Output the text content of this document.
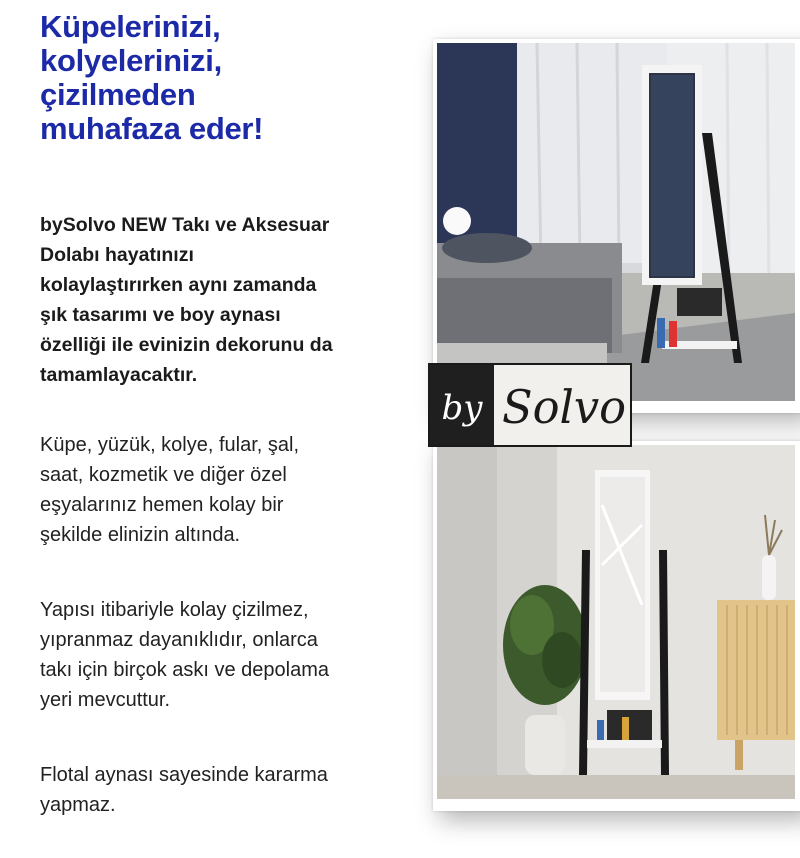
Küpelerinizi,
kolyelerinizi,
çizilmeden
muhafaza eder!
bySolvo NEW Takı ve Aksesuar
Dolabı hayatınızı
kolaylaştırırken aynı zamanda
şık tasarımı ve boy aynası
özelliği ile evinizin dekorunu da
tamamlayacaktır.
Küpe, yüzük, kolye, fular, şal,
saat, kozmetik ve diğer özel
eşyalarınız hemen kolay bir
şekilde elinizin altında.
Yapısı itibariyle kolay çizilmez,
yıpranmaz dayanıklıdır, onlarca
takı için birçok askı ve depolama
yeri mevcuttur.
Flotal aynası sayesinde kararma
yapmaz.
by Solvo
